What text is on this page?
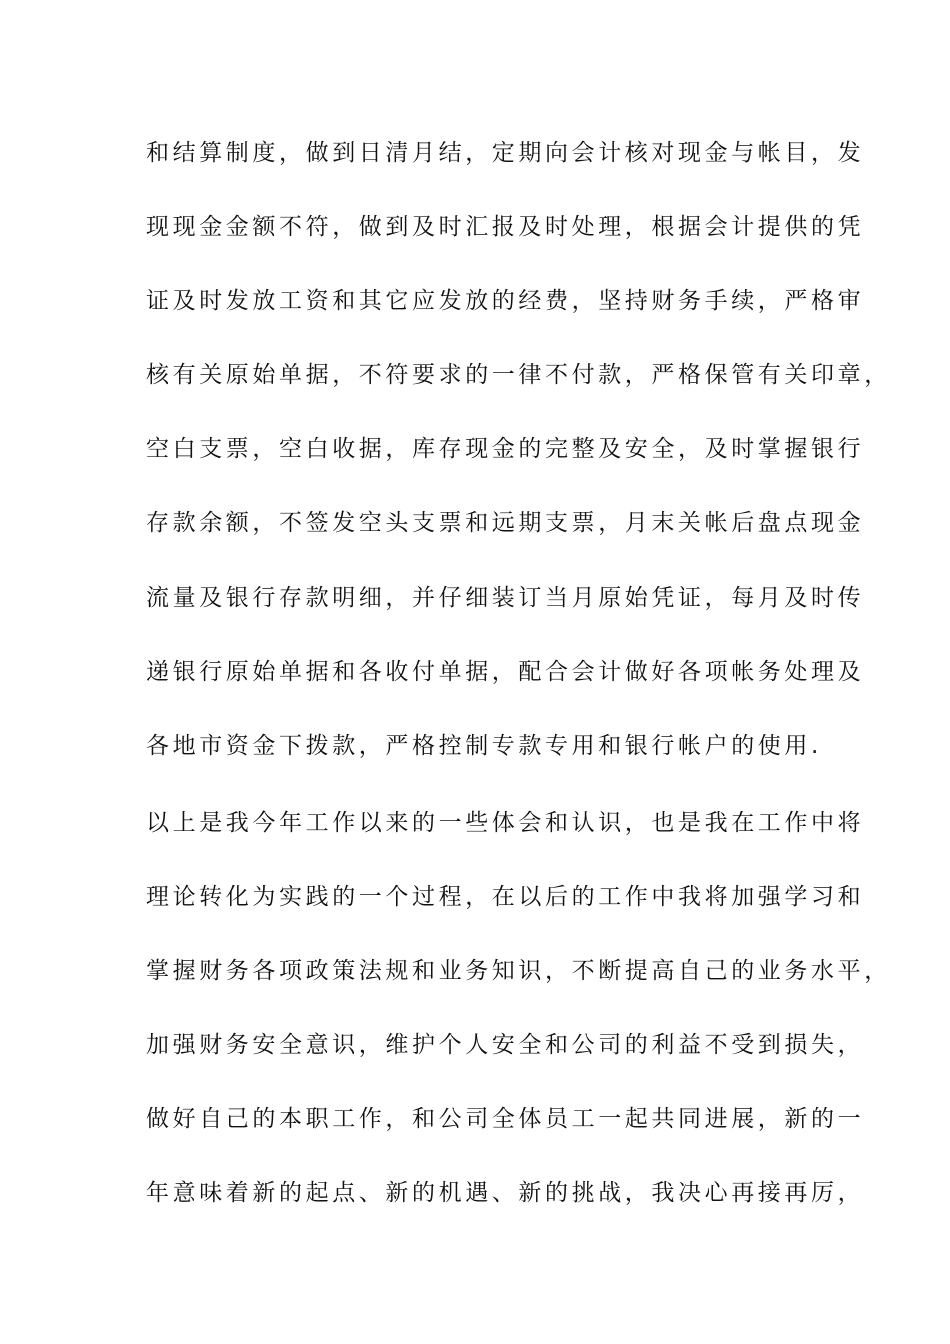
和结算制度，做到日清月结，定期向会计核对现金与帐目，发
现现金金额不符，做到及时汇报及时处理，根据会计提供的凭
证及时发放工资和其它应发放的经费，坚持财务手续，严格审
核有关原始单据，不符要求的一律不付款，严格保管有关印章，
空白支票，空白收据，库存现金的完整及安全，及时掌握银行
存款余额，不签发空头支票和远期支票，月末关帐后盘点现金
流量及银行存款明细，并仔细装订当月原始凭证，每月及时传
递银行原始单据和各收付单据，配合会计做好各项帐务处理及
各地市资金下拨款，严格控制专款专用和银行帐户的使用.
以上是我今年工作以来的一些体会和认识，也是我在工作中将
理论转化为实践的一个过程，在以后的工作中我将加强学习和
掌握财务各项政策法规和业务知识，不断提高自己的业务水平，
加强财务安全意识，维护个人安全和公司的利益不受到损失，
做好自己的本职工作，和公司全体员工一起共同进展，新的一
年意味着新的起点、新的机遇、新的挑战，我决心再接再厉，
